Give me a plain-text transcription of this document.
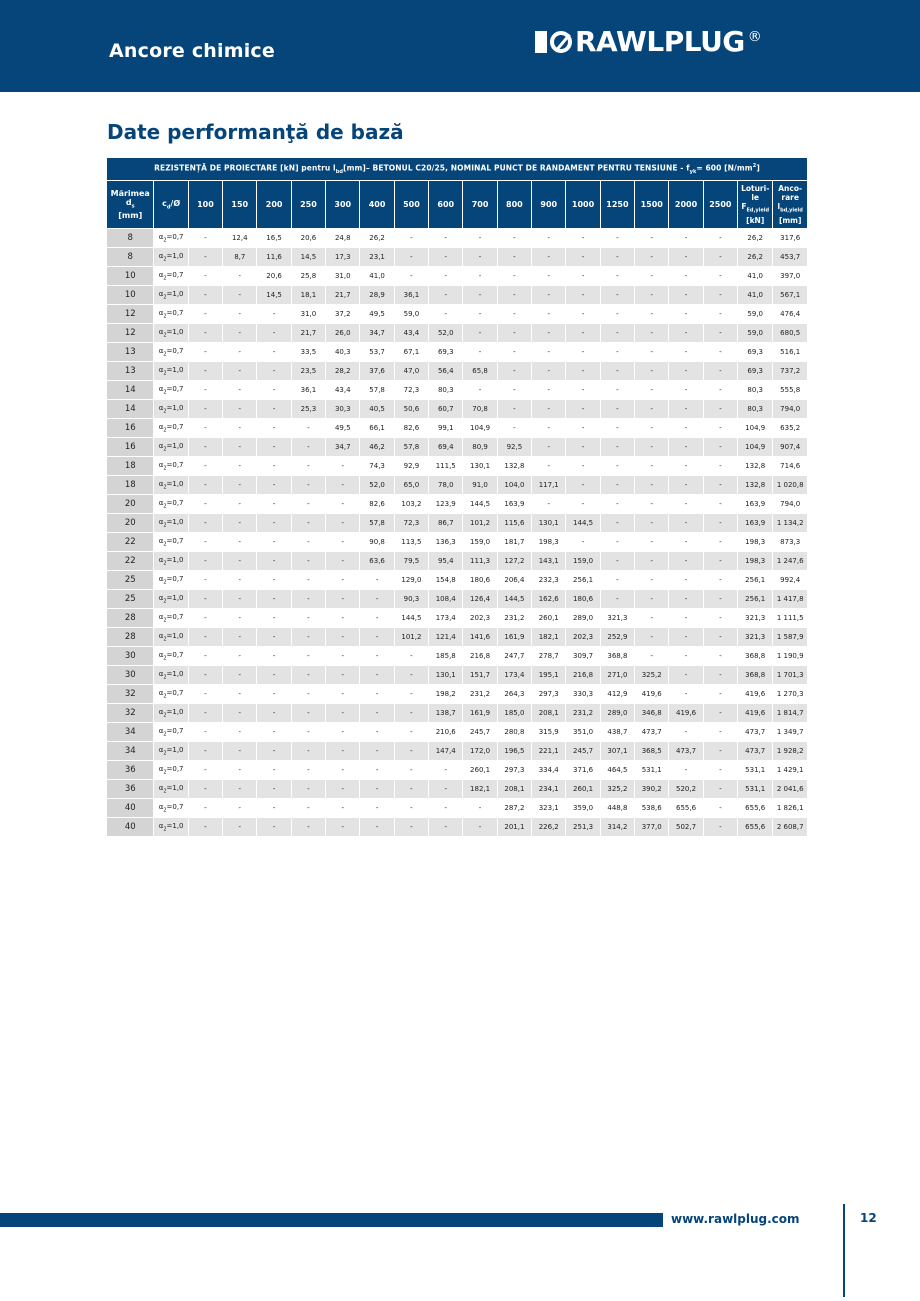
Ancore chimice	RAWLPLUG ®
Date performanţă de bază
REZISTENȚĂ DE PROIECTARE [kN] pentru $l_{bd}[mm]-$ BETONUL C20/25, NOMINAL PUNCT DE RANDAMENT PENTRU TENSIUNE - $f_{yk}= 600$ $[N/mm^2]$																			
Mărimea
$d_s$
[mm]	$c_d/Ø$	100	150	200	250	300	400	500	600	700	800	900	1000	1250	1500	2000	2500	Loturi-
le
$F_{Ed,yield}$
[kN]	Anco-
rare
$l_{bd,yield}$
[mm]
8	$\alpha_2=0,7$	-	12,4	16,5	20,6	24,8	26,2	-	-	-	-	-	-	-	-	-	-	26,2	317,6
8	$\alpha_2=1,0$	-	8,7	11,6	14,5	17,3	23,1	-	-	-	-	-	-	-	-	-	-	26,2	453,7
10	$\alpha_2=0,7$	-	-	20,6	25,8	31,0	41,0	-	-	-	-	-	-	-	-	-	-	41,0	397,0
10	$\alpha_2=1,0$	-	-	14,5	18,1	21,7	28,9	36,1	-	-	-	-	-	-	-	-	-	41,0	567,1
12	$\alpha_2=0,7$	-	-	-	31,0	37,2	49,5	59,0	-	-	-	-	-	-	-	-	-	59,0	476,4
12	$\alpha_2=1,0$	-	-	-	21,7	26,0	34,7	43,4	52,0	-	-	-	-	-	-	-	-	59,0	680,5
13	$\alpha_2=0,7$	-	-	-	33,5	40,3	53,7	67,1	69,3	-	-	-	-	-	-	-	-	69,3	516,1
13	$\alpha_2=1,0$	-	-	-	23,5	28,2	37,6	47,0	56,4	65,8	-	-	-	-	-	-	-	69,3	737,2
14	$\alpha_2=0,7$	-	-	-	36,1	43,4	57,8	72,3	80,3	-	-	-	-	-	-	-	-	80,3	555,8
14	$\alpha_2=1,0$	-	-	-	25,3	30,3	40,5	50,6	60,7	70,8	-	-	-	-	-	-	-	80,3	794,0
16	$\alpha_2=0,7$	-	-	-	-	49,5	66,1	82,6	99,1	104,9	-	-	-	-	-	-	-	104,9	635,2
16	$\alpha_2=1,0$	-	-	-	-	34,7	46,2	57,8	69,4	80,9	92,5	-	-	-	-	-	-	104,9	907,4
18	$\alpha_2=0,7$	-	-	-	-	-	74,3	92,9	111,5	130,1	132,8	-	-	-	-	-	-	132,8	714,6
18	$\alpha_2=1,0$	-	-	-	-	-	52,0	65,0	78,0	91,0	104,0	117,1	-	-	-	-	-	132,8	1 020,8
20	$\alpha_2=0,7$	-	-	-	-	-	82,6	103,2	123,9	144,5	163,9	-	-	-	-	-	-	163,9	794,0
20	$\alpha_2=1,0$	-	-	-	-	-	57,8	72,3	86,7	101,2	115,6	130,1	144,5	-	-	-	-	163,9	1 134,2
22	$\alpha_2=0,7$	-	-	-	-	-	90,8	113,5	136,3	159,0	181,7	198,3	-	-	-	-	-	198,3	873,3
22	$\alpha_2=1,0$	-	-	-	-	-	63,6	79,5	95,4	111,3	127,2	143,1	159,0	-	-	-	-	198,3	1 247,6
25	$\alpha_2=0,7$	-	-	-	-	-	-	129,0	154,8	180,6	206,4	232,3	256,1	-	-	-	-	256,1	992,4
25	$\alpha_2=1,0$	-	-	-	-	-	-	90,3	108,4	126,4	144,5	162,6	180,6	-	-	-	-	256,1	1 417,8
28	$\alpha_2=0,7$	-	-	-	-	-	-	144,5	173,4	202,3	231,2	260,1	289,0	321,3	-	-	-	321,3	1 111,5
28	$\alpha_2=1,0$	-	-	-	-	-	-	101,2	121,4	141,6	161,9	182,1	202,3	252,9	-	-	-	321,3	1 587,9
30	$\alpha_2=0,7$	-	-	-	-	-	-	-	185,8	216,8	247,7	278,7	309,7	368,8	-	-	-	368,8	1 190,9
30	$\alpha_2=1,0$	-	-	-	-	-	-	-	130,1	151,7	173,4	195,1	216,8	271,0	325,2	-	-	368,8	1 701,3
32	$\alpha_2=0,7$	-	-	-	-	-	-	-	198,2	231,2	264,3	297,3	330,3	412,9	419,6	-	-	419,6	1 270,3
32	$\alpha_2=1,0$	-	-	-	-	-	-	-	138,7	161,9	185,0	208,1	231,2	289,0	346,8	419,6	-	419,6	1 814,7
34	$\alpha_2=0,7$	-	-	-	-	-	-	-	210,6	245,7	280,8	315,9	351,0	438,7	473,7	-	-	473,7	1 349,7
34	$\alpha_2=1,0$	-	-	-	-	-	-	-	147,4	172,0	196,5	221,1	245,7	307,1	368,5	473,7	-	473,7	1 928,2
36	$\alpha_2=0,7$	-	-	-	-	-	-	-	-	260,1	297,3	334,4	371,6	464,5	531,1	-	-	531,1	1 429,1
36	$\alpha_2=1,0$	-	-	-	-	-	-	-	-	182,1	208,1	234,1	260,1	325,2	390,2	520,2	-	531,1	2 041,6
40	$\alpha_2=0,7$	-	-	-	-	-	-	-	-	-	287,2	323,1	359,0	448,8	538,6	655,6	-	655,6	1 826,1
40	$\alpha_2=1,0$	-	-	-	-	-	-	-	-	-	201,1	226,2	251,3	314,2	377,0	502,7	-	655,6	2 608,7
www.rawlplug.com	12
